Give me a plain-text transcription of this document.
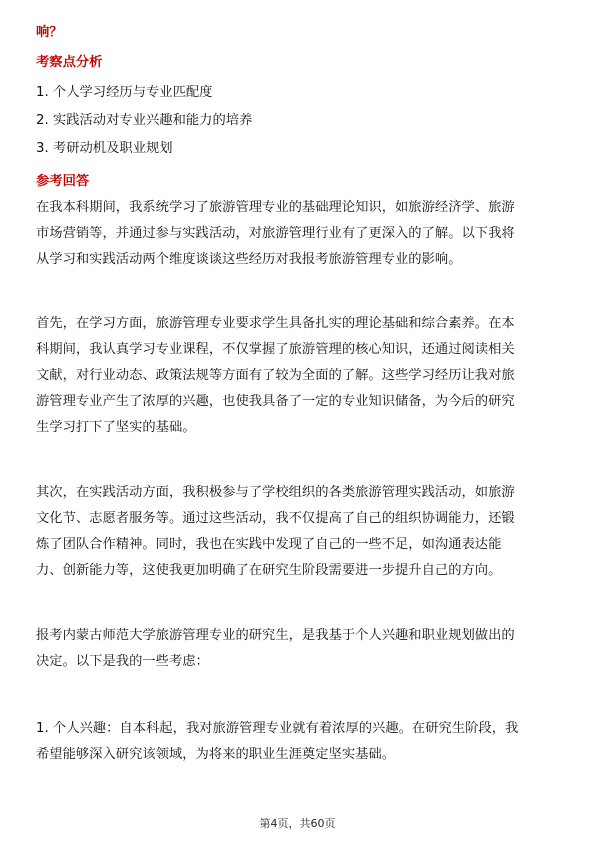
响？
考察点分析
1. 个人学习经历与专业匹配度
2. 实践活动对专业兴趣和能力的培养
3. 考研动机及职业规划
参考回答
在我本科期间，我系统学习了旅游管理专业的基础理论知识，如旅游经济学、旅游
市场营销等，并通过参与实践活动，对旅游管理行业有了更深入的了解。以下我将
从学习和实践活动两个维度谈谈这些经历对我报考旅游管理专业的影响。
首先，在学习方面，旅游管理专业要求学生具备扎实的理论基础和综合素养。在本
科期间，我认真学习专业课程，不仅掌握了旅游管理的核心知识，还通过阅读相关
文献，对行业动态、政策法规等方面有了较为全面的了解。这些学习经历让我对旅
游管理专业产生了浓厚的兴趣，也使我具备了一定的专业知识储备，为今后的研究
生学习打下了坚实的基础。
其次，在实践活动方面，我积极参与了学校组织的各类旅游管理实践活动，如旅游
文化节、志愿者服务等。通过这些活动，我不仅提高了自己的组织协调能力，还锻
炼了团队合作精神。同时，我也在实践中发现了自己的一些不足，如沟通表达能
力、创新能力等，这使我更加明确了在研究生阶段需要进一步提升自己的方向。
报考内蒙古师范大学旅游管理专业的研究生，是我基于个人兴趣和职业规划做出的
决定。以下是我的一些考虑：
1. 个人兴趣：自本科起，我对旅游管理专业就有着浓厚的兴趣。在研究生阶段，我
希望能够深入研究该领域，为将来的职业生涯奠定坚实基础。
第4页，共60页
